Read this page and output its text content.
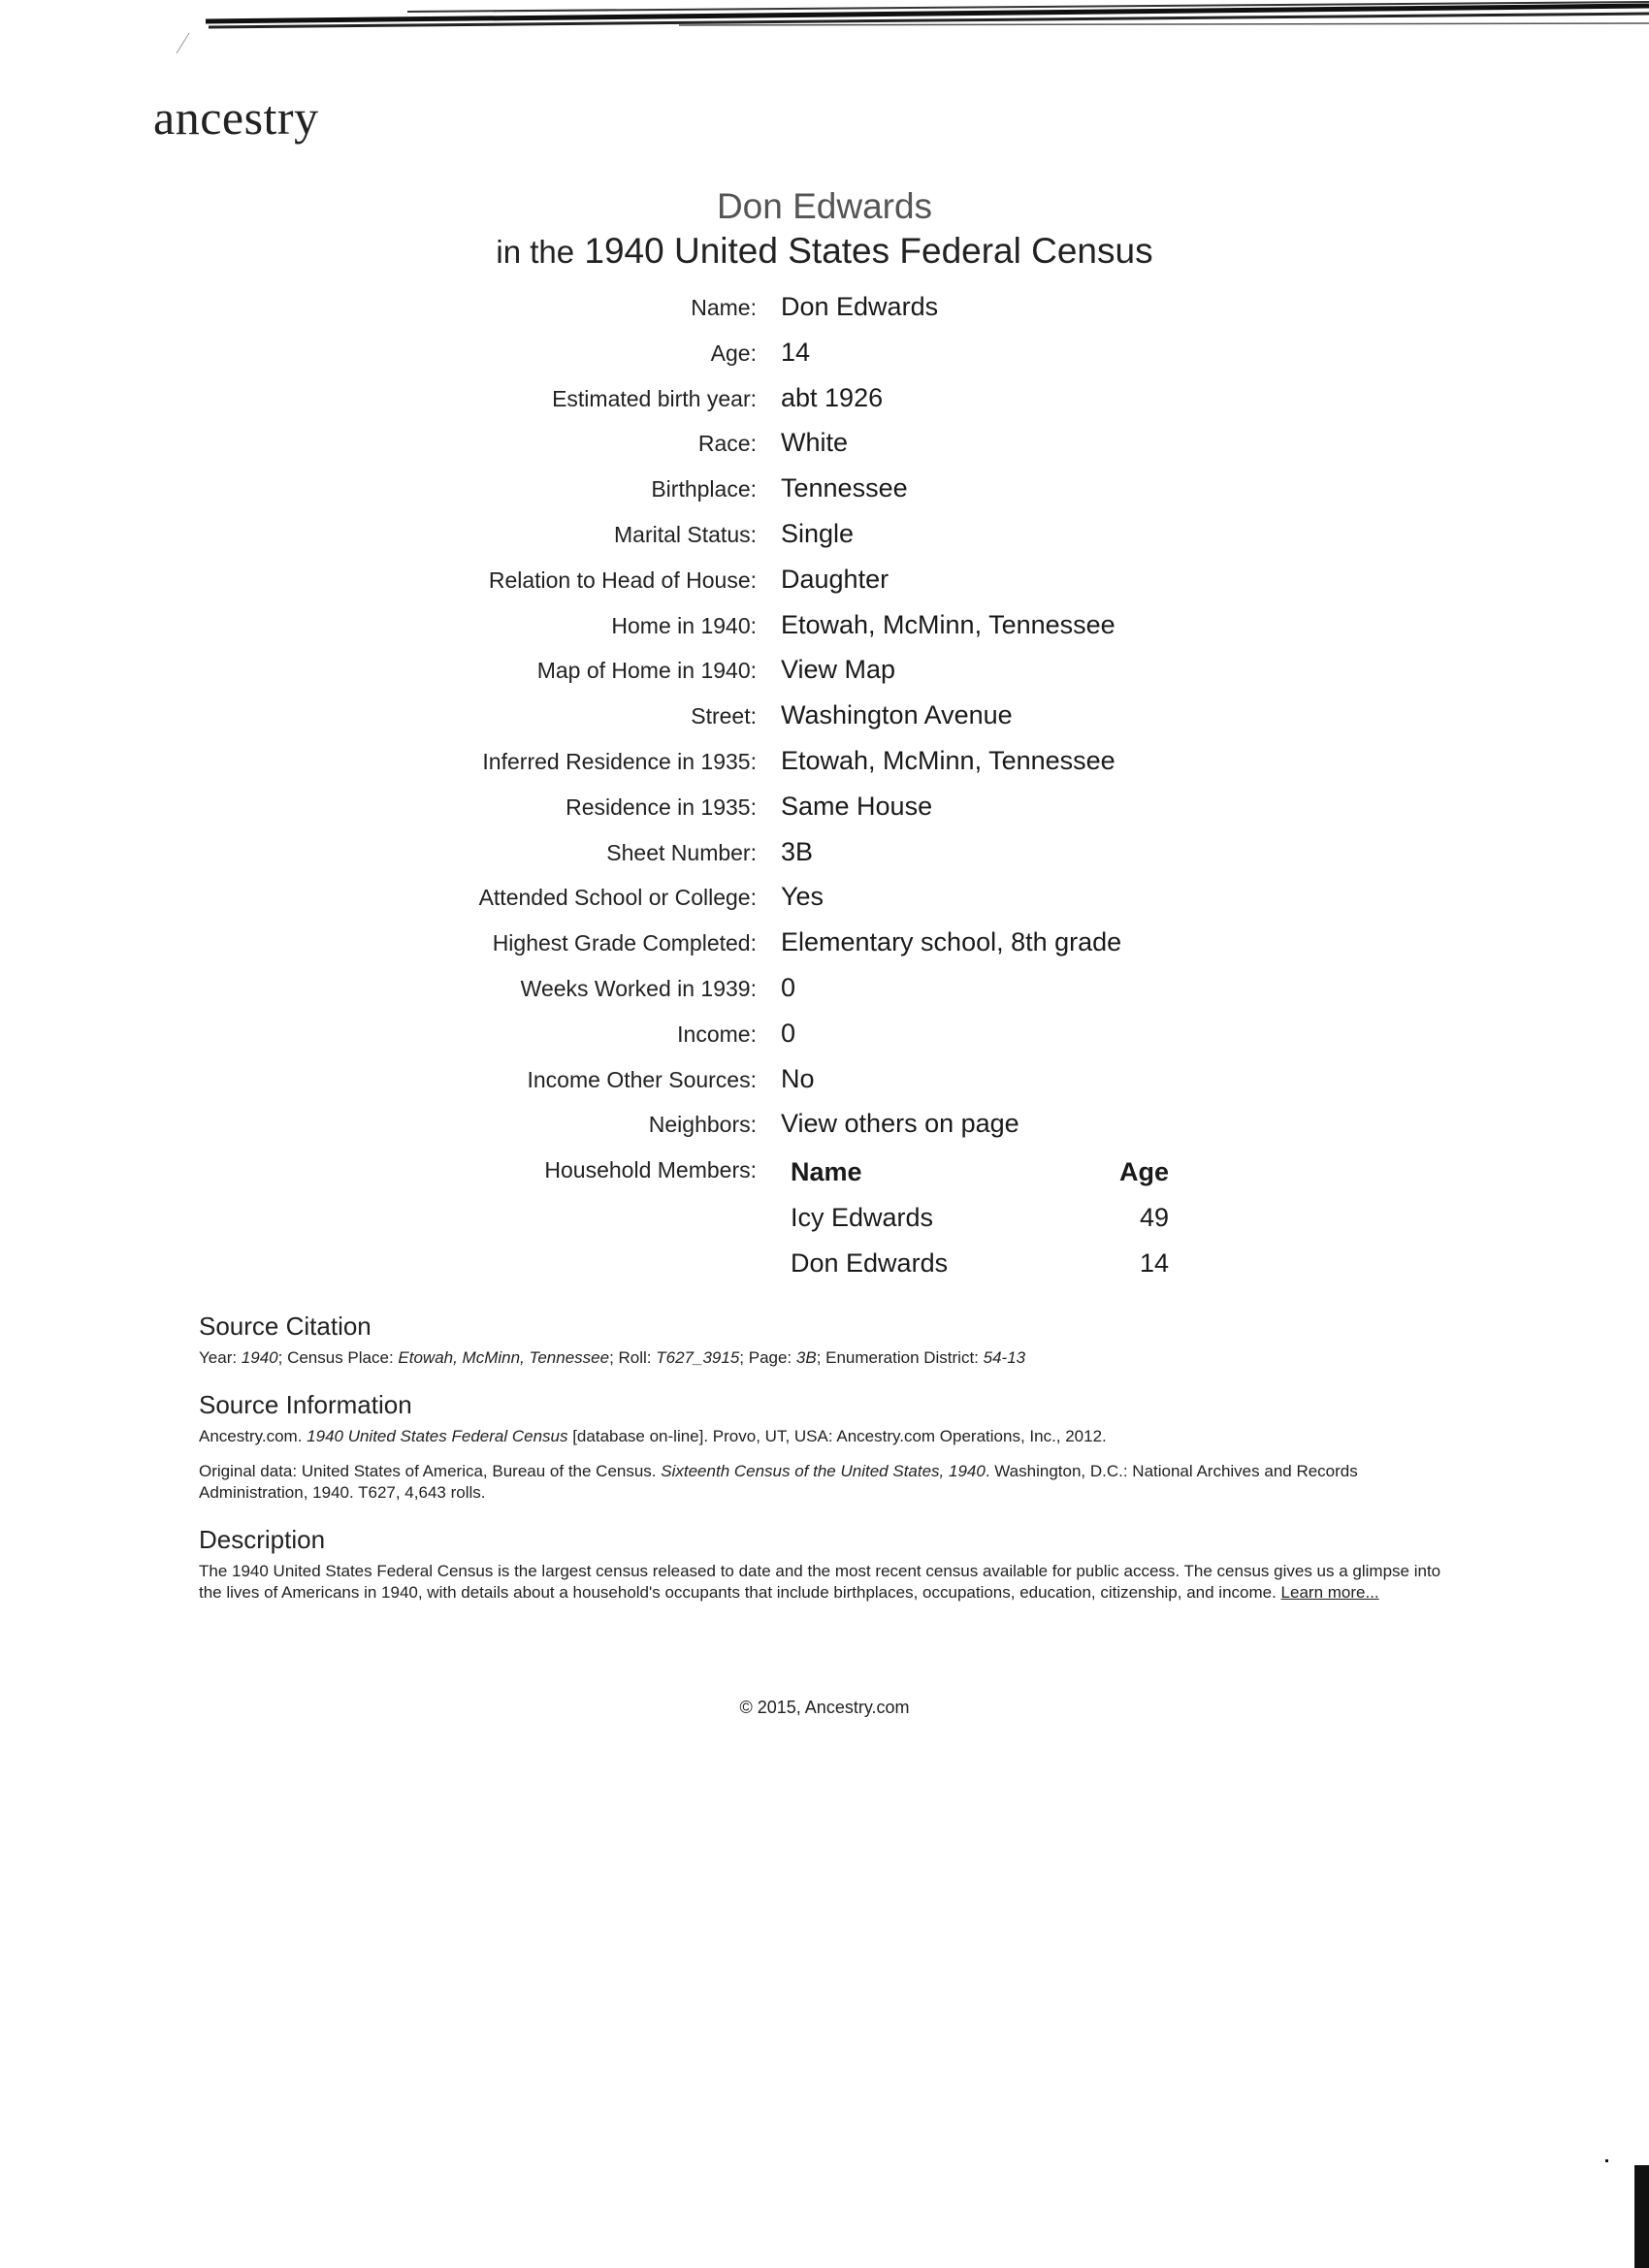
ancestry
Don Edwards
in the 1940 United States Federal Census
Name: Don Edwards
Age: 14
Estimated birth year: abt 1926
Race: White
Birthplace: Tennessee
Marital Status: Single
Relation to Head of House: Daughter
Home in 1940: Etowah, McMinn, Tennessee
Map of Home in 1940: View Map
Street: Washington Avenue
Inferred Residence in 1935: Etowah, McMinn, Tennessee
Residence in 1935: Same House
Sheet Number: 3B
Attended School or College: Yes
Highest Grade Completed: Elementary school, 8th grade
Weeks Worked in 1939: 0
Income: 0
Income Other Sources: No
Neighbors: View others on page
Household Members: Name	Age
Icy Edwards	49
Don Edwards	14
Source Citation
Year: 1940; Census Place: Etowah, McMinn, Tennessee; Roll: T627_3915; Page: 3B; Enumeration District: 54-13
Source Information
Ancestry.com. 1940 United States Federal Census [database on-line]. Provo, UT, USA: Ancestry.com Operations, Inc., 2012.
Original data: United States of America, Bureau of the Census. Sixteenth Census of the United States, 1940. Washington, D.C.: National Archives and Records Administration, 1940. T627, 4,643 rolls.
Description
The 1940 United States Federal Census is the largest census released to date and the most recent census available for public access. The census gives us a glimpse into the lives of Americans in 1940, with details about a household's occupants that include birthplaces, occupations, education, citizenship, and income. Learn more...
© 2015, Ancestry.com
